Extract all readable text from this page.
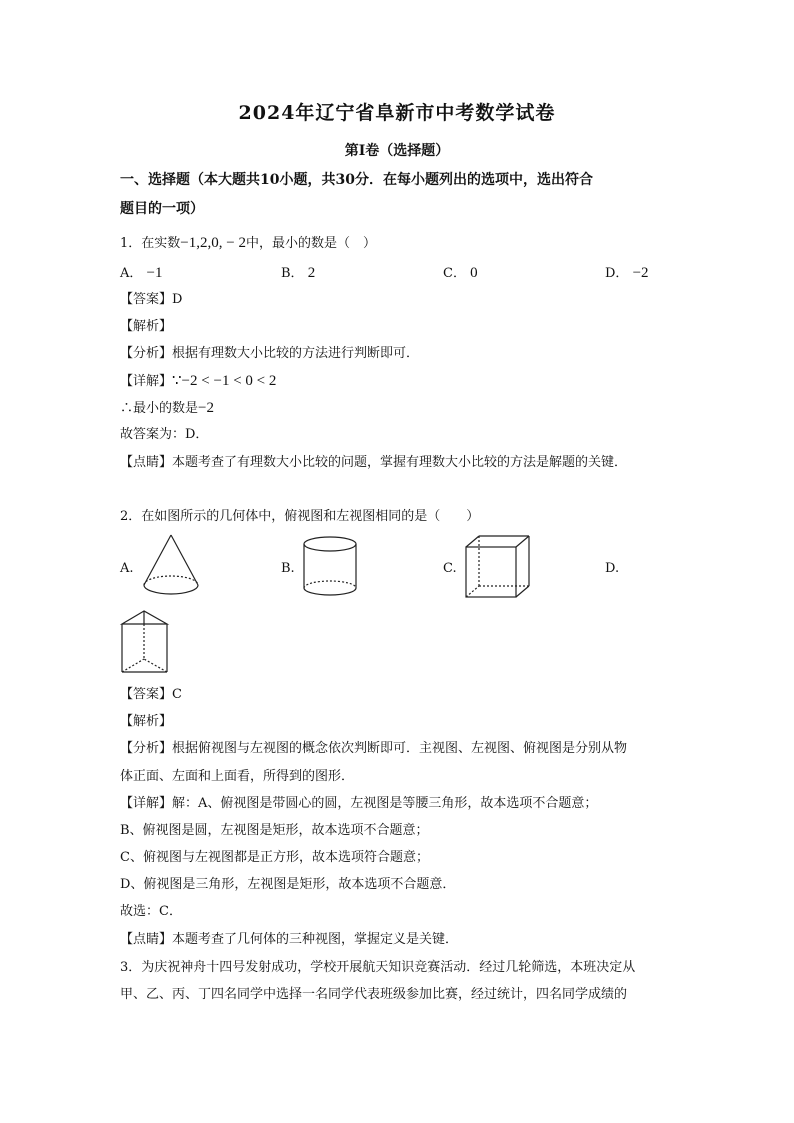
2024年辽宁省阜新市中考数学试卷
第I卷（选择题）
一、选择题（本大题共10小题，共30分．在每小题列出的选项中，选出符合
题目的一项）
1．在实数−1,2,0, − 2中，最小的数是（　）
A． −1	B． 2	C． 0	D． −2
【答案】D
【解析】
【分析】根据有理数大小比较的方法进行判断即可．
【详解】∵−2 < −1 < 0 < 2
∴最小的数是−2
故答案为：D．
【点睛】本题考查了有理数大小比较的问题，掌握有理数大小比较的方法是解题的关键．
2．在如图所示的几何体中，俯视图和左视图相同的是（　　）
A.	B.	C.	D.
【答案】C
【解析】
【分析】根据俯视图与左视图的概念依次判断即可．主视图、左视图、俯视图是分别从物
体正面、左面和上面看，所得到的图形．
【详解】解：A、俯视图是带圆心的圆，左视图是等腰三角形，故本选项不合题意；
B、俯视图是圆，左视图是矩形，故本选项不合题意；
C、俯视图与左视图都是正方形，故本选项符合题意；
D、俯视图是三角形，左视图是矩形，故本选项不合题意．
故选：C．
【点睛】本题考查了几何体的三种视图，掌握定义是关键．
3．为庆祝神舟十四号发射成功，学校开展航天知识竞赛活动．经过几轮筛选，本班决定从
甲、乙、丙、丁四名同学中选择一名同学代表班级参加比赛，经过统计，四名同学成绩的
